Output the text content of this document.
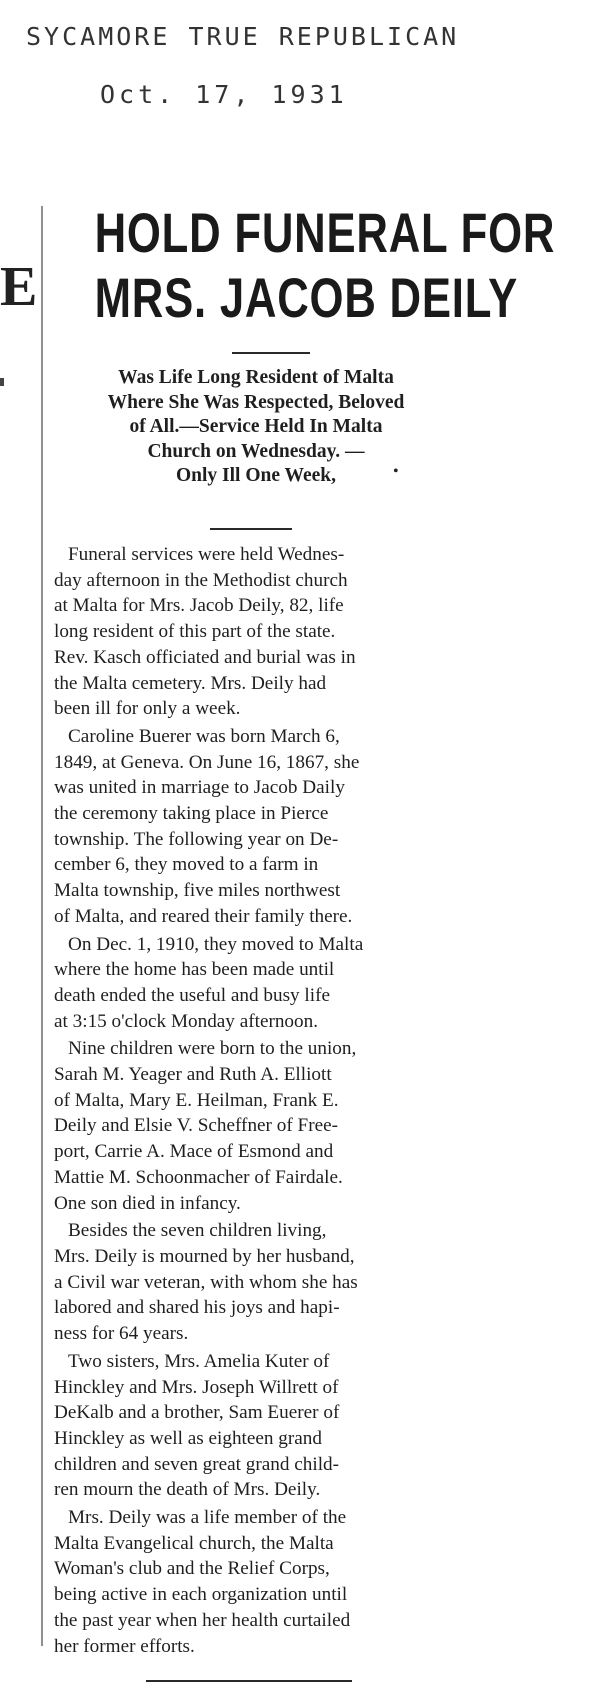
SYCAMORE TRUE REPUBLICAN
Oct. 17, 1931
E
HOLD FUNERAL FOR
MRS. JACOB DEILY
Was Life Long Resident of Malta
Where She Was Respected, Beloved
of All.—Service Held In Malta
Church on Wednesday. —
Only Ill One Week,	•

Funeral services were held Wednes-
day afternoon in the Methodist church
at Malta for Mrs. Jacob Deily, 82, life
long resident of this part of the state.
Rev. Kasch officiated and burial was in
the Malta cemetery. Mrs. Deily had
been ill for only a week.

Caroline Buerer was born March 6,
1849, at Geneva. On June 16, 1867, she
was united in marriage to Jacob Daily
the ceremony taking place in Pierce
township. The following year on De-
cember 6, they moved to a farm in
Malta township, five miles northwest
of Malta, and reared their family there.

On Dec. 1, 1910, they moved to Malta
where the home has been made until
death ended the useful and busy life
at 3:15 o'clock Monday afternoon.

Nine children were born to the union,
Sarah M. Yeager and Ruth A. Elliott
of Malta, Mary E. Heilman, Frank E.
Deily and Elsie V. Scheffner of Free-
port, Carrie A. Mace of Esmond and
Mattie M. Schoonmacher of Fairdale.
One son died in infancy.

Besides the seven children living,
Mrs. Deily is mourned by her husband,
a Civil war veteran, with whom she has
labored and shared his joys and hapi-
ness for 64 years.

Two sisters, Mrs. Amelia Kuter of
Hinckley and Mrs. Joseph Willrett of
DeKalb and a brother, Sam Euerer of
Hinckley as well as eighteen grand
children and seven great grand child-
ren mourn the death of Mrs. Deily.

Mrs. Deily was a life member of the
Malta Evangelical church, the Malta
Woman's club and the Relief Corps,
being active in each organization until
the past year when her health curtailed
her former efforts.
